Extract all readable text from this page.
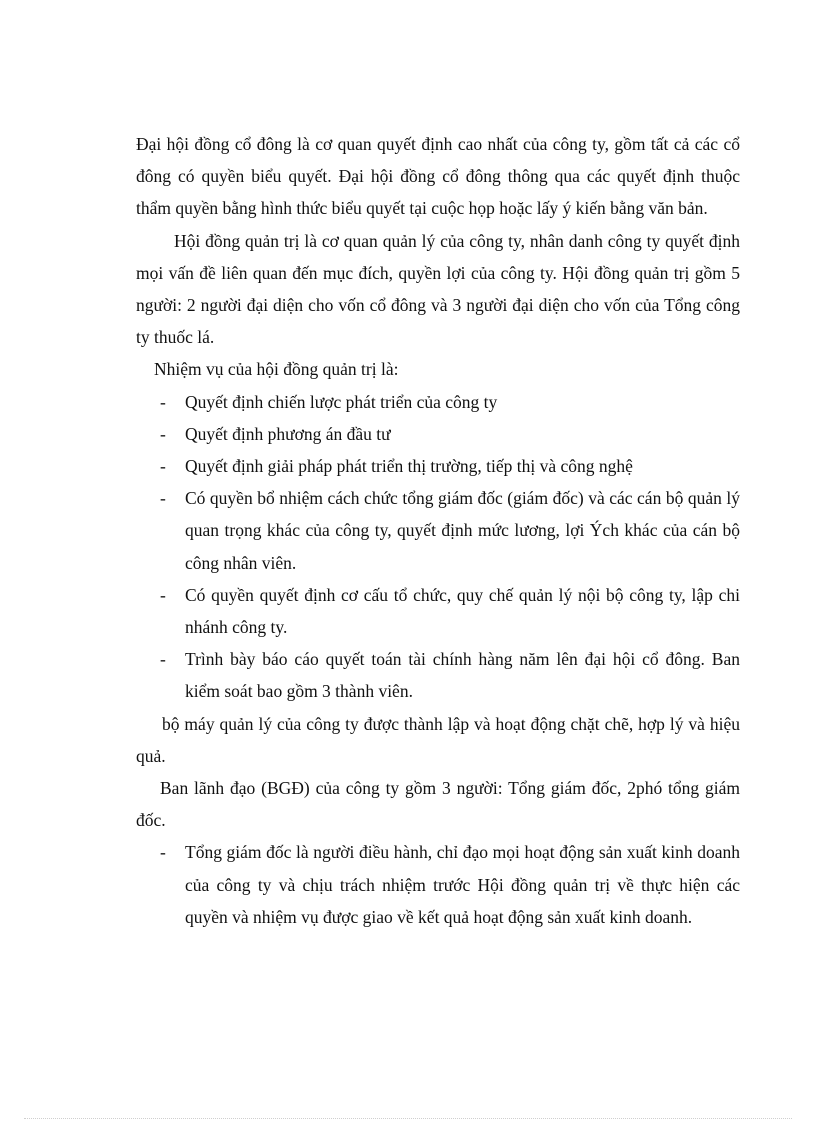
Đại hội đồng cổ đông là cơ quan quyết định cao nhất của công ty, gồm tất cả các cổ đông có quyền biểu quyết. Đại hội đồng cổ đông thông qua các quyết định thuộc thẩm quyền bằng hình thức biểu quyết tại cuộc họp hoặc lấy ý kiến bằng văn bản.

Hội đồng quản trị là cơ quan quản lý của công ty, nhân danh công ty quyết định mọi vấn đề liên quan đến mục đích, quyền lợi của công ty. Hội đồng quản trị gồm 5 người: 2 người đại diện cho vốn cổ đông và 3 người đại diện cho vốn của Tổng công ty thuốc lá.

Nhiệm vụ của hội đồng quản trị là:

- Quyết định chiến lược phát triển của công ty
- Quyết định phương án đầu tư
- Quyết định giải pháp phát triển thị trường, tiếp thị và công nghệ
- Có quyền bổ nhiệm cách chức tổng giám đốc (giám đốc) và các cán bộ quản lý quan trọng khác của công ty, quyết định mức lương, lợi Ých khác của cán bộ công nhân viên.
- Có quyền quyết định cơ cấu tổ chức, quy chế quản lý nội bộ công ty, lập chi nhánh công ty.
- Trình bày báo cáo quyết toán tài chính hàng năm lên đại hội cổ đông. Ban kiểm soát bao gồm 3 thành viên.

bộ máy quản lý của công ty được thành lập và hoạt động chặt chẽ, hợp lý và hiệu quả.

Ban lãnh đạo (BGĐ) của công ty gồm 3 người: Tổng giám đốc, 2phó tổng giám đốc.

- Tổng giám đốc là người điều hành, chỉ đạo mọi hoạt động sản xuất kinh doanh của công ty và chịu trách nhiệm trước Hội đồng quản trị về thực hiện các quyền và nhiệm vụ được giao về kết quả hoạt động sản xuất kinh doanh.
